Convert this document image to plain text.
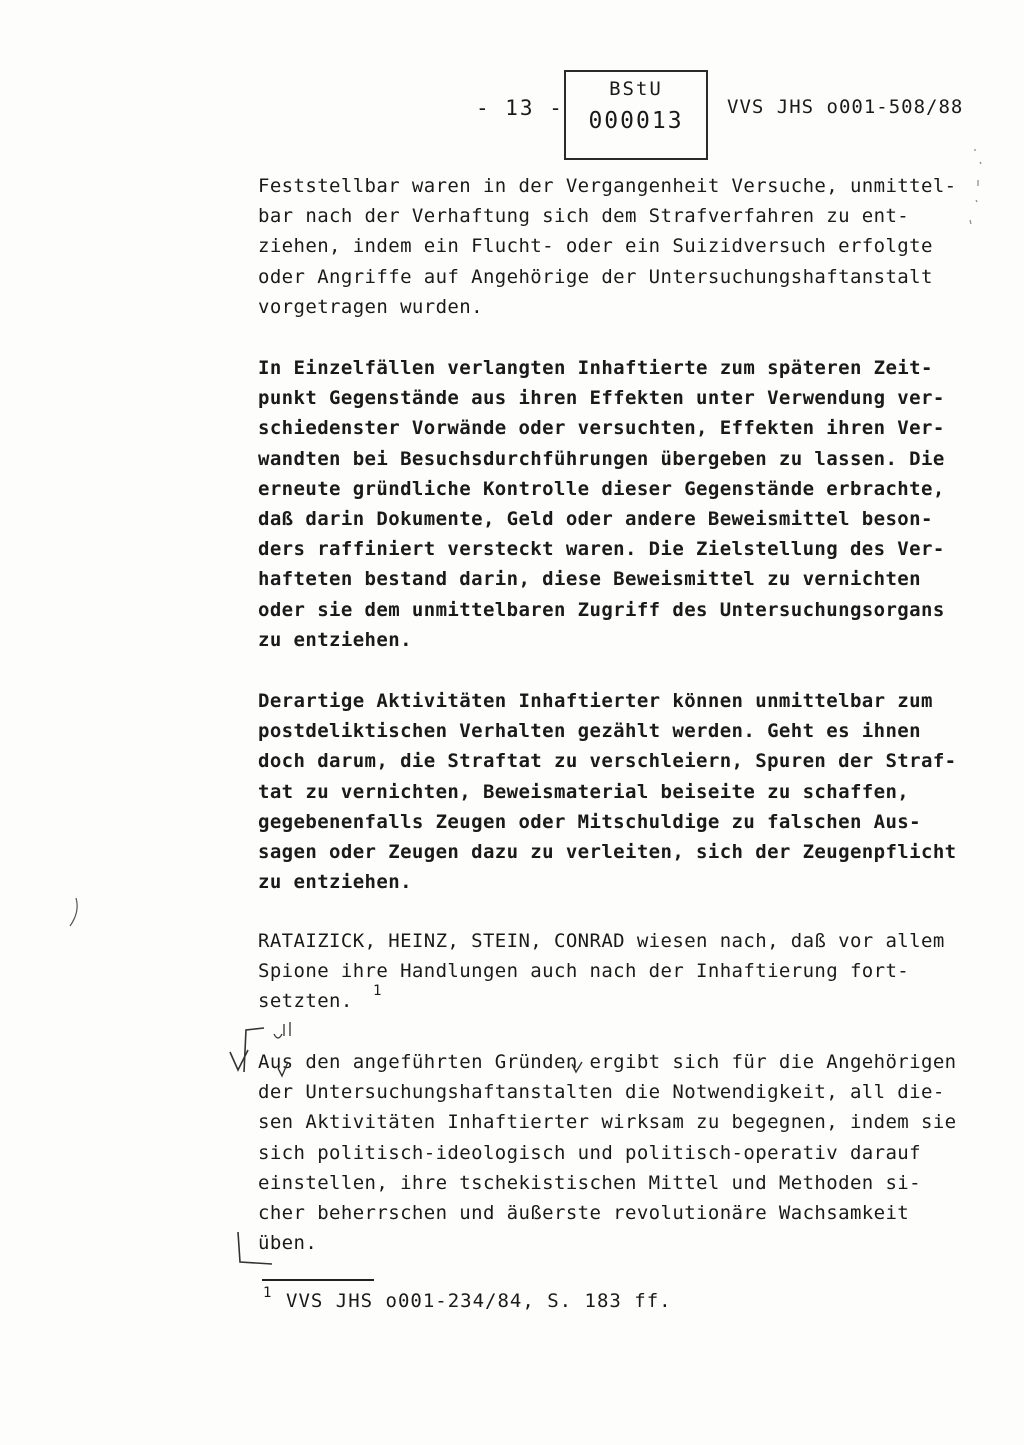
- 13 -
BStU
000013
VVS JHS o001-508/88
Feststellbar waren in der Vergangenheit Versuche, unmittel-
bar nach der Verhaftung sich dem Strafverfahren zu ent-
ziehen, indem ein Flucht- oder ein Suizidversuch erfolgte
oder Angriffe auf Angehörige der Untersuchungshaftanstalt
vorgetragen wurden.
In Einzelfällen verlangten Inhaftierte zum späteren Zeit-
punkt Gegenstände aus ihren Effekten unter Verwendung ver-
schiedenster Vorwände oder versuchten, Effekten ihren Ver-
wandten bei Besuchsdurchführungen übergeben zu lassen. Die
erneute gründliche Kontrolle dieser Gegenstände erbrachte,
daß darin Dokumente, Geld oder andere Beweismittel beson-
ders raffiniert versteckt waren. Die Zielstellung des Ver-
hafteten bestand darin, diese Beweismittel zu vernichten
oder sie dem unmittelbaren Zugriff des Untersuchungsorgans
zu entziehen.
Derartige Aktivitäten Inhaftierter können unmittelbar zum
postdeliktischen Verhalten gezählt werden. Geht es ihnen
doch darum, die Straftat zu verschleiern, Spuren der Straf-
tat zu vernichten, Beweismaterial beiseite zu schaffen,
gegebenenfalls Zeugen oder Mitschuldige zu falschen Aus-
sagen oder Zeugen dazu zu verleiten, sich der Zeugenpflicht
zu entziehen.
RATAIZICK, HEINZ, STEIN, CONRAD wiesen nach, daß vor allem
Spione ihre Handlungen auch nach der Inhaftierung fort-
setzten.	1
Aus den angeführten Gründen ergibt sich für die Angehörigen
der Untersuchungshaftanstalten die Notwendigkeit, all die-
sen Aktivitäten Inhaftierter wirksam zu begegnen, indem sie
sich politisch-ideologisch und politisch-operativ darauf
einstellen, ihre tschekistischen Mittel und Methoden si-
cher beherrschen und äußerste revolutionäre Wachsamkeit
üben.
1 VVS JHS o001-234/84, S. 183 ff.
